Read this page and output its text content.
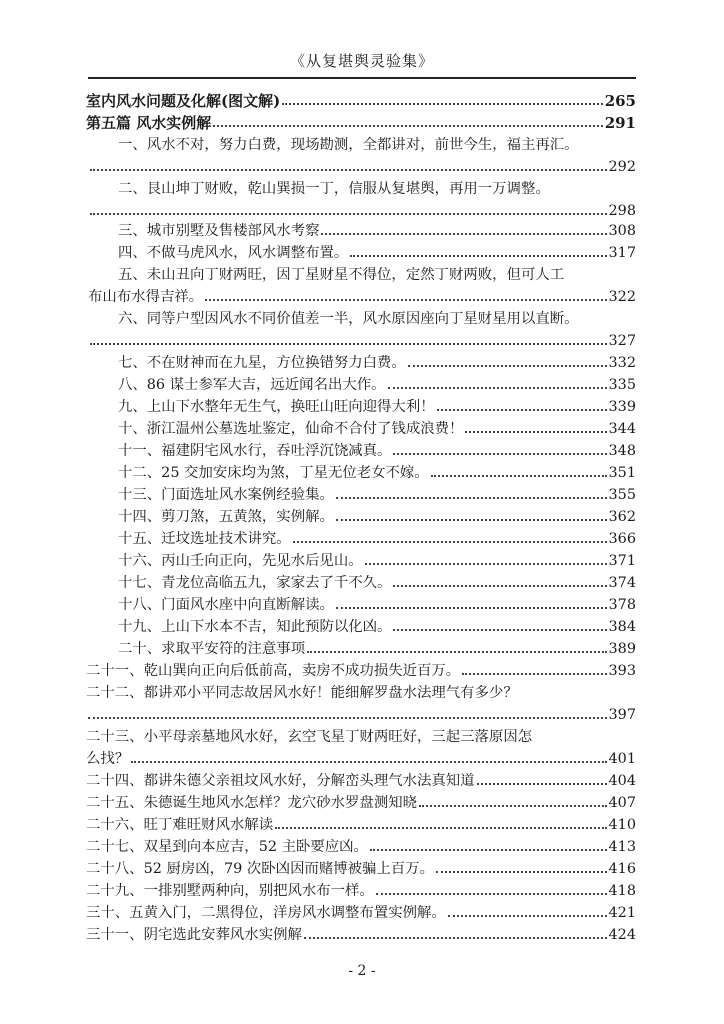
《从复堪舆灵验集》
室内风水问题及化解(图文解)	265
第五篇 风水实例解	291
一、风水不对，努力白费，现场勘测，全都讲对，前世今生，福主再汇。
292
二、艮山坤丁财败，乾山巽损一丁，信服从复堪舆，再用一万调整。
298
三、城市别墅及售楼部风水考察	308
四、不做马虎风水，风水调整布置。	317
五、未山丑向丁财两旺，因丁星财星不得位，定然丁财两败，但可人工
布山布水得吉祥。	322
六、同等户型因风水不同价值差一半，风水原因座向丁星财星用以直断。
327
七、不在财神而在九星，方位换错努力白费。	332
八、86 谋士参军大吉，远近闻名出大作。	335
九、上山下水整年无生气，换旺山旺向迎得大利！	339
十、浙江温州公墓选址鉴定，仙命不合付了钱成浪费！	344
十一、福建阴宅风水行，吞吐浮沉饶减真。	348
十二、25 交加安床均为煞，丁星无位老女不嫁。	351
十三、门面选址风水案例经验集。	355
十四、剪刀煞，五黄煞，实例解。	362
十五、迁坟选址技术讲究。	366
十六、丙山壬向正向，先见水后见山。	371
十七、青龙位高临五九，家家去了千不久。	374
十八、门面风水座中向直断解读。	378
十九、上山下水本不吉，知此预防以化凶。	384
二十、求取平安符的注意事项	389
二十一、乾山巽向正向后低前高，卖房不成功损失近百万。	393
二十二、都讲邓小平同志故居风水好！能细解罗盘水法理气有多少？
397
二十三、小平母亲墓地风水好，玄空飞星丁财两旺好，三起三落原因怎
么找？	401
二十四、都讲朱德父亲祖坟风水好，分解峦头理气水法真知道	404
二十五、朱德诞生地风水怎样？龙穴砂水罗盘测知晓	407
二十六、旺丁难旺财风水解读	410
二十七、双星到向本应吉，52 主卧要应凶。	413
二十八、52 厨房凶，79 次卧凶因而赌博被骗上百万。	416
二十九、一排别墅两种向，别把风水布一样。	418
三十、五黄入门，二黑得位，洋房风水调整布置实例解。	421
三十一、阴宅选此安葬风水实例解	424
- 2 -
